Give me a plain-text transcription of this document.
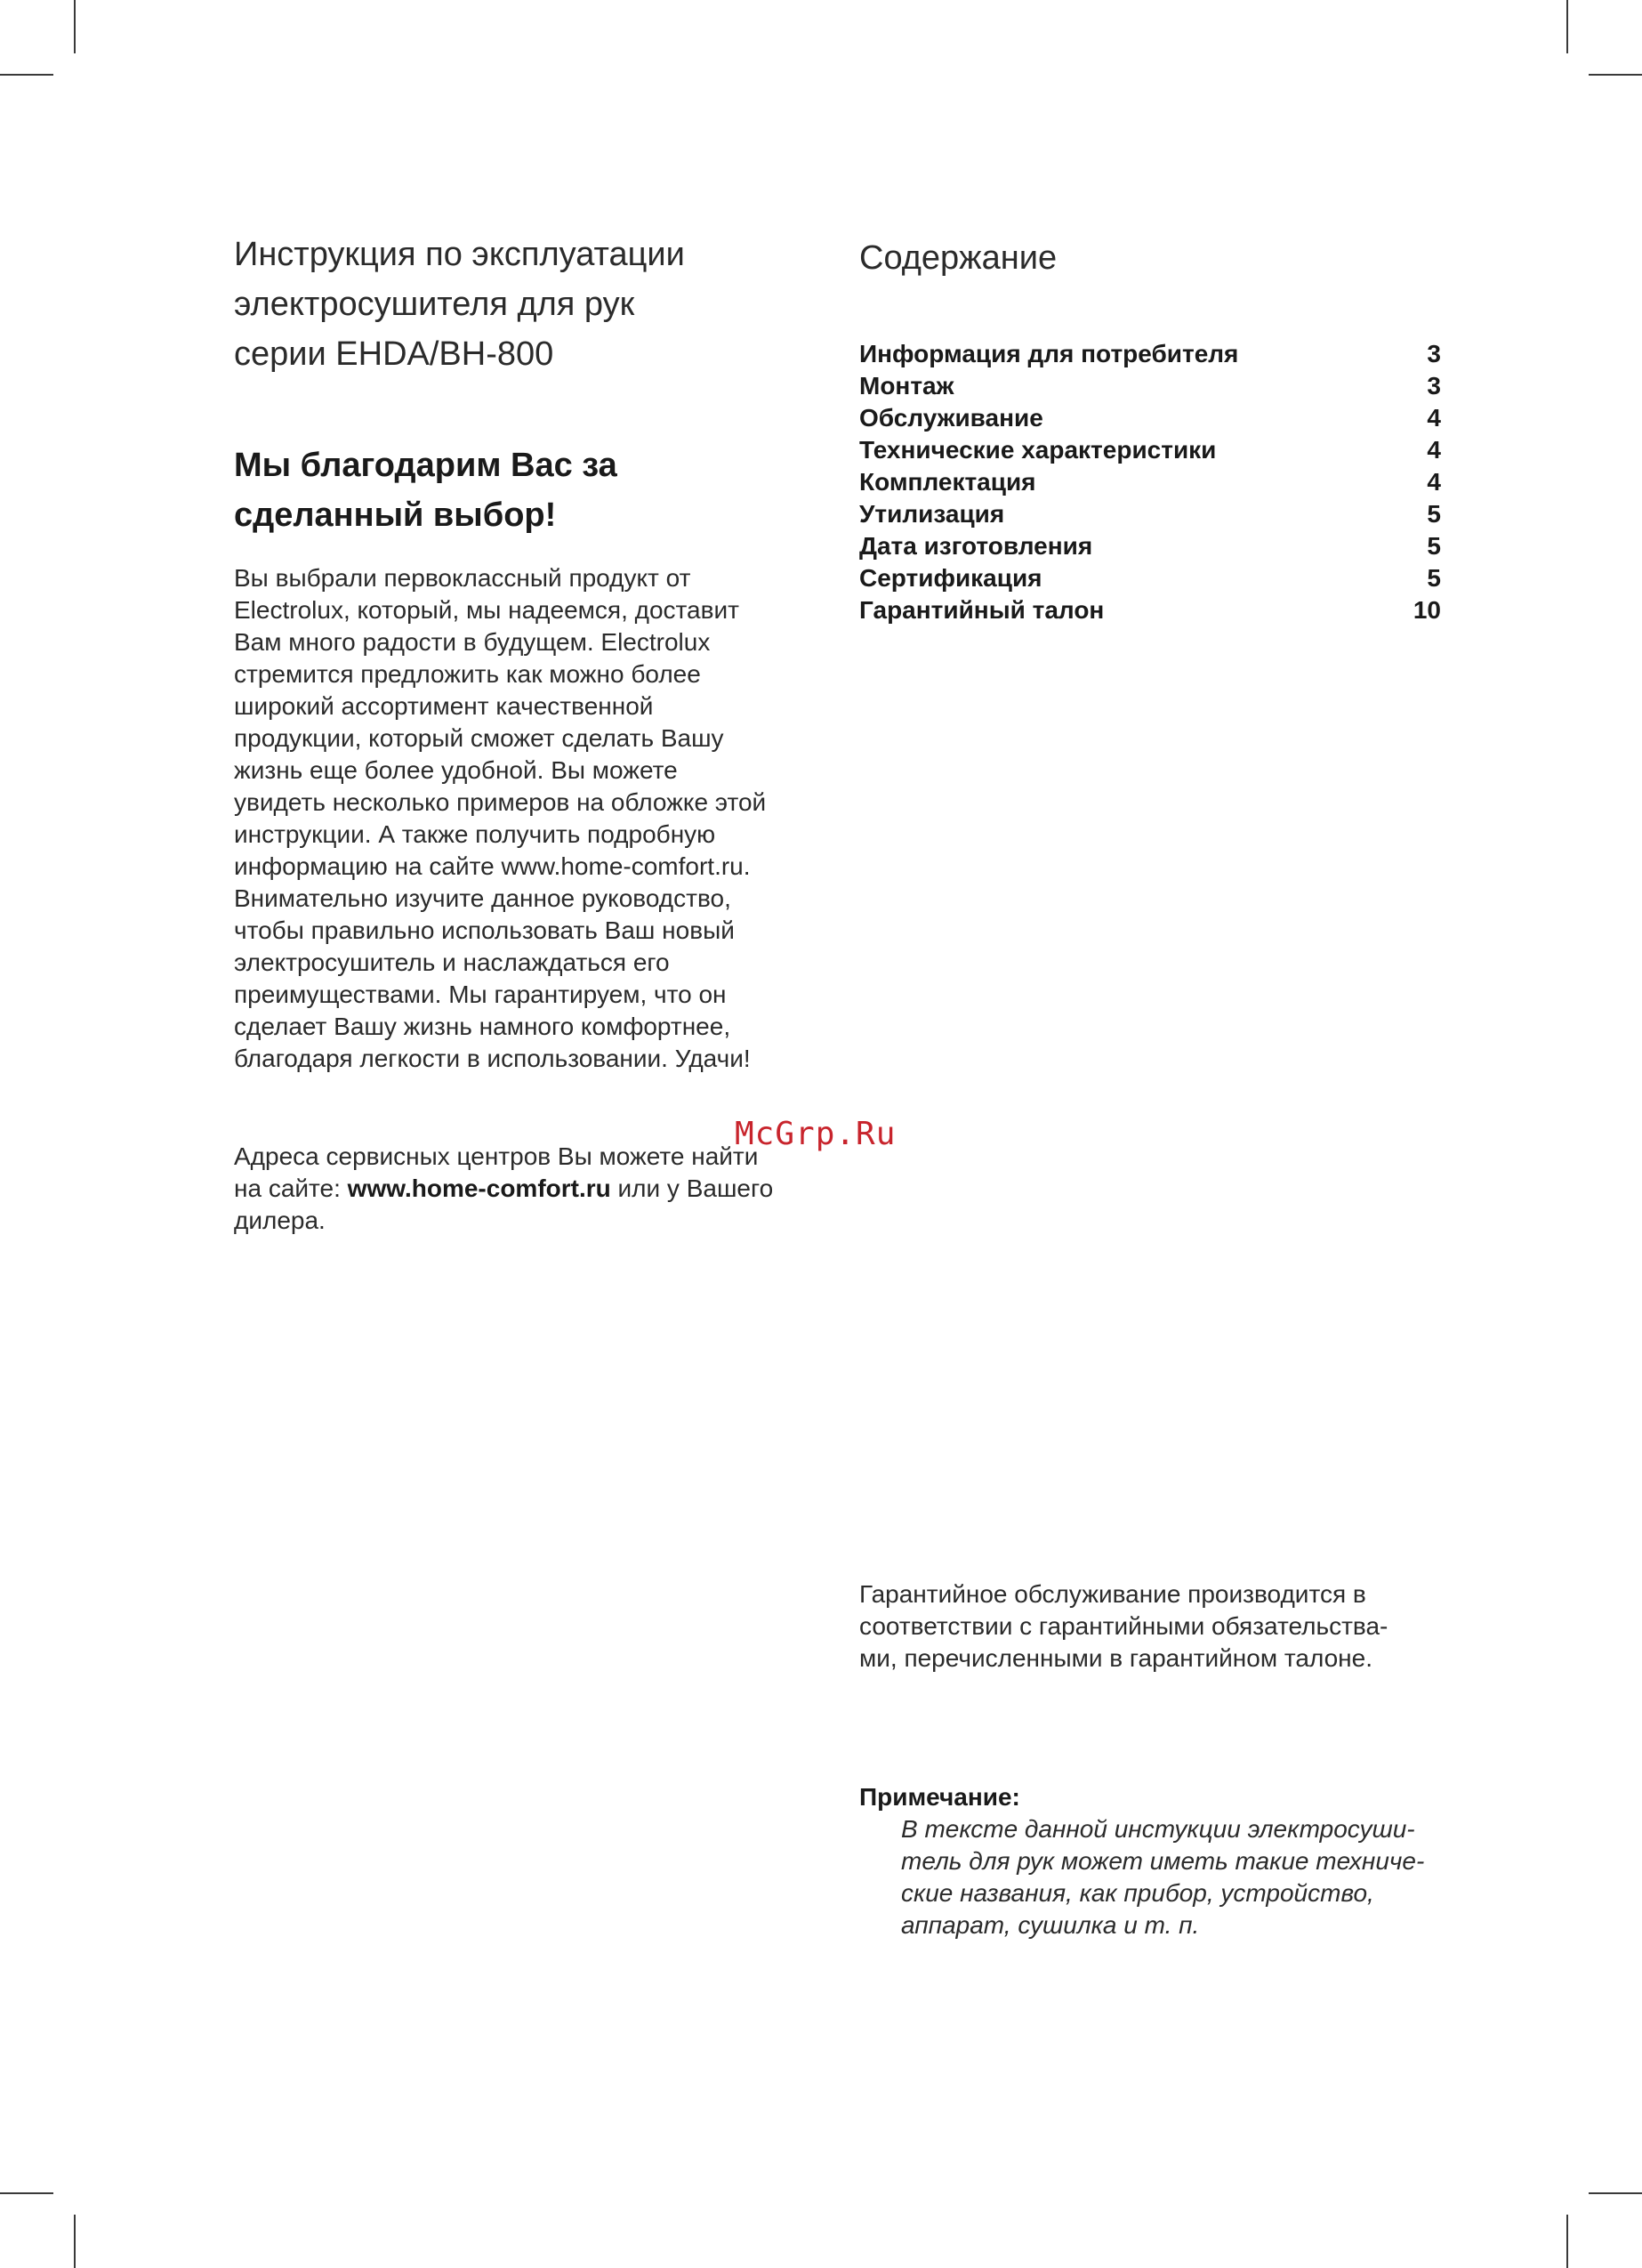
Инструкция по эксплуатации
электросушителя для рук
серии EHDA/BH-800
Мы благодарим Вас за
сделанный выбор!
Вы выбрали первоклассный продукт от
Electrolux, который, мы надеемся, доставит
Вам много радости в будущем. Electrolux
стремится предложить как можно более
широкий ассортимент качественной
продукции, который сможет сделать Вашу
жизнь еще более удобной. Вы можете
увидеть несколько примеров на обложке этой
инструкции. А также получить подробную
информацию на сайте www.home-comfort.ru.
Внимательно изучите данное руководство,
чтобы правильно использовать Ваш новый
электросушитель и наслаждаться его
преимуществами. Мы гарантируем, что он
сделает Вашу жизнь намного комфортнее,
благодаря легкости в использовании. Удачи!
Адреса сервисных центров Вы можете найти
на сайте: www.home-comfort.ru или у Вашего
дилера.
McGrp.Ru
Содержание
Информация для потребителя	3
Монтаж	3
Обслуживание	4
Технические характеристики	4
Комплектация	4
Утилизация	5
Дата изготовления	5
Сертификация	5
Гарантийный талон	10
Гарантийное обслуживание производится в
соответствии с гарантийными обязательства-
ми, перечисленными в гарантийном талоне.
Примечание:
В тексте данной инстукции электросуши-
тель для рук может иметь такие техниче-
ские названия, как прибор, устройство,
аппарат, сушилка и т. п.
